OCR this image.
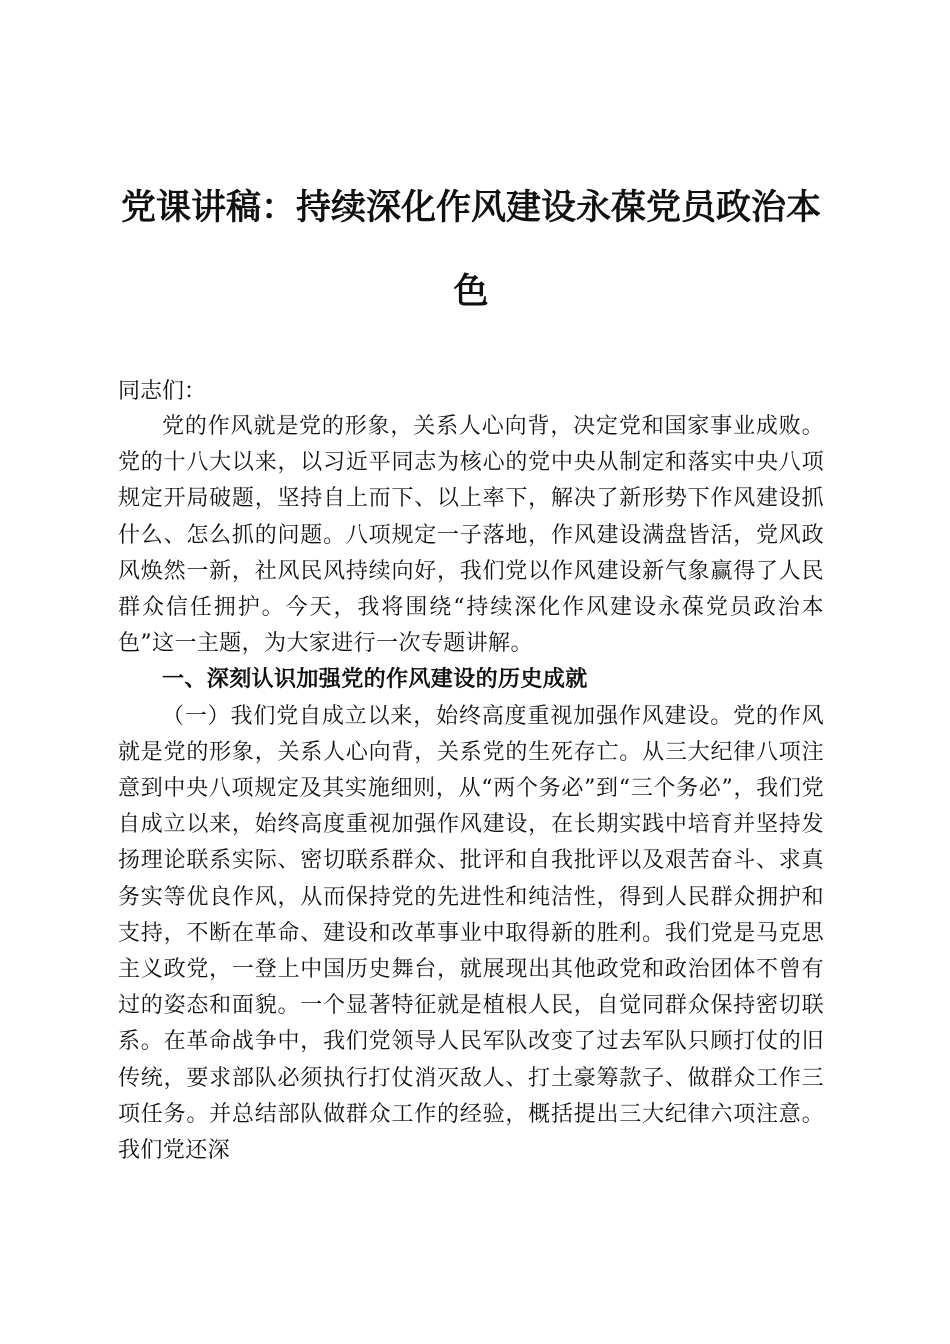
党课讲稿：持续深化作风建设永葆党员政治本
色

同志们：

党的作风就是党的形象，关系人心向背，决定党和国家事业成败。党的十八大以来，以习近平同志为核心的党中央从制定和落实中央八项规定开局破题，坚持自上而下、以上率下，解决了新形势下作风建设抓什么、怎么抓的问题。八项规定一子落地，作风建设满盘皆活，党风政风焕然一新，社风民风持续向好，我们党以作风建设新气象赢得了人民群众信任拥护。今天，我将围绕“持续深化作风建设永葆党员政治本色”这一主题，为大家进行一次专题讲解。

一、深刻认识加强党的作风建设的历史成就

（一）我们党自成立以来，始终高度重视加强作风建设。党的作风就是党的形象，关系人心向背，关系党的生死存亡。从三大纪律八项注意到中央八项规定及其实施细则，从“两个务必”到“三个务必”，我们党自成立以来，始终高度重视加强作风建设，在长期实践中培育并坚持发扬理论联系实际、密切联系群众、批评和自我批评以及艰苦奋斗、求真务实等优良作风，从而保持党的先进性和纯洁性，得到人民群众拥护和支持，不断在革命、建设和改革事业中取得新的胜利。我们党是马克思主义政党，一登上中国历史舞台，就展现出其他政党和政治团体不曾有过的姿态和面貌。一个显著特征就是植根人民，自觉同群众保持密切联系。在革命战争中，我们党领导人民军队改变了过去军队只顾打仗的旧传统，要求部队必须执行打仗消灭敌人、打土豪筹款子、做群众工作三项任务。并总结部队做群众工作的经验，概括提出三大纪律六项注意。我们党还深
